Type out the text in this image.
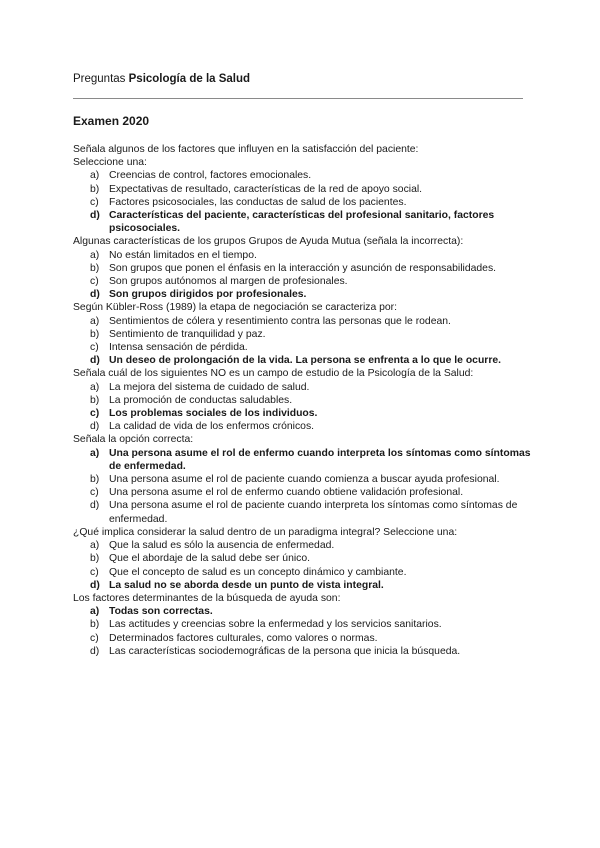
Preguntas Psicología de la Salud
Examen 2020
Señala algunos de los factores que influyen en la satisfacción del paciente:
Seleccione una:
a) Creencias de control, factores emocionales.
b) Expectativas de resultado, características de la red de apoyo social.
c) Factores psicosociales, las conductas de salud de los pacientes.
d) Características del paciente, características del profesional sanitario, factores psicosociales.
Algunas características de los grupos Grupos de Ayuda Mutua (señala la incorrecta):
a) No están limitados en el tiempo.
b) Son grupos que ponen el énfasis en la interacción y asunción de responsabilidades.
c) Son grupos autónomos al margen de profesionales.
d) Son grupos dirigidos por profesionales.
Según Kübler-Ross (1989) la etapa de negociación se caracteriza por:
a) Sentimientos de cólera y resentimiento contra las personas que le rodean.
b) Sentimiento de tranquilidad y paz.
c) Intensa sensación de pérdida.
d) Un deseo de prolongación de la vida. La persona se enfrenta a lo que le ocurre.
Señala cuál de los siguientes NO es un campo de estudio de la Psicología de la Salud:
a) La mejora del sistema de cuidado de salud.
b) La promoción de conductas saludables.
c) Los problemas sociales de los individuos.
d) La calidad de vida de los enfermos crónicos.
Señala la opción correcta:
a) Una persona asume el rol de enfermo cuando interpreta los síntomas como síntomas de enfermedad.
b) Una persona asume el rol de paciente cuando comienza a buscar ayuda profesional.
c) Una persona asume el rol de enfermo cuando obtiene validación profesional.
d) Una persona asume el rol de paciente cuando interpreta los síntomas como síntomas de enfermedad.
¿Qué implica considerar la salud dentro de un paradigma integral? Seleccione una:
a) Que la salud es sólo la ausencia de enfermedad.
b) Que el abordaje de la salud debe ser único.
c) Que el concepto de salud es un concepto dinámico y cambiante.
d) La salud no se aborda desde un punto de vista integral.
Los factores determinantes de la búsqueda de ayuda son:
a) Todas son correctas.
b) Las actitudes y creencias sobre la enfermedad y los servicios sanitarios.
c) Determinados factores culturales, como valores o normas.
d) Las características sociodemográficas de la persona que inicia la búsqueda.
